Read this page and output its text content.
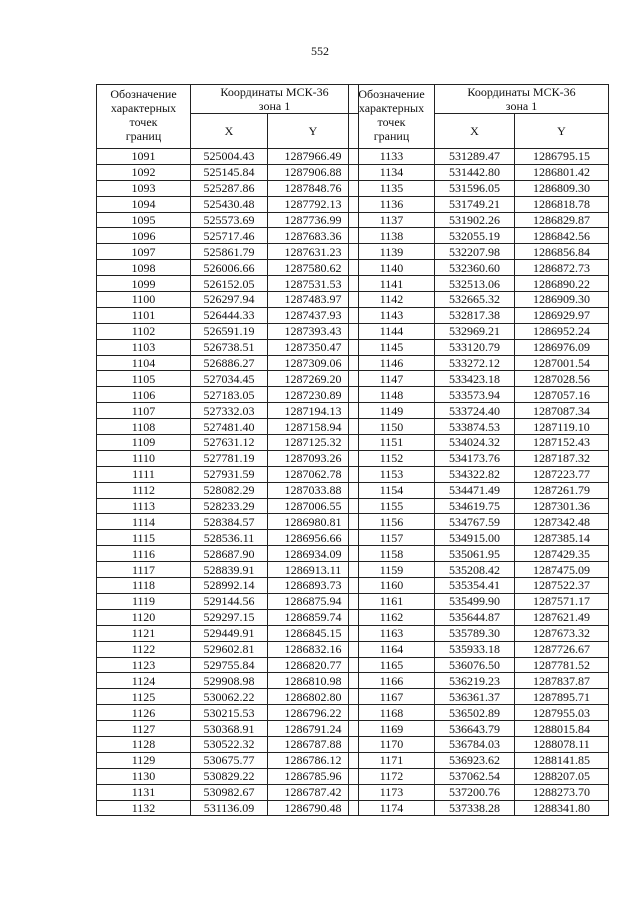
552
Обозначение
характерных
точек
границ	Координаты МСК-36
зона 1	
	X	Y
1091	525004.43	1287966.49
1092	525145.84	1287906.88
1093	525287.86	1287848.76
1094	525430.48	1287792.13
1095	525573.69	1287736.99
1096	525717.46	1287683.36
1097	525861.79	1287631.23
1098	526006.66	1287580.62
1099	526152.05	1287531.53
1100	526297.94	1287483.97
1101	526444.33	1287437.93
1102	526591.19	1287393.43
1103	526738.51	1287350.47
1104	526886.27	1287309.06
1105	527034.45	1287269.20
1106	527183.05	1287230.89
1107	527332.03	1287194.13
1108	527481.40	1287158.94
1109	527631.12	1287125.32
1110	527781.19	1287093.26
1111	527931.59	1287062.78
1112	528082.29	1287033.88
1113	528233.29	1287006.55
1114	528384.57	1286980.81
1115	528536.11	1286956.66
1116	528687.90	1286934.09
1117	528839.91	1286913.11
1118	528992.14	1286893.73
1119	529144.56	1286875.94
1120	529297.15	1286859.74
1121	529449.91	1286845.15
1122	529602.81	1286832.16
1123	529755.84	1286820.77
1124	529908.98	1286810.98
1125	530062.22	1286802.80
1126	530215.53	1286796.22
1127	530368.91	1286791.24
1128	530522.32	1286787.88
1129	530675.77	1286786.12
1130	530829.22	1286785.96
1131	530982.67	1286787.42
1132	531136.09	1286790.48
Обозначение
характерных
точек
границ	Координаты МСК-36
зона 1	
	X	Y
1133	531289.47	1286795.15
1134	531442.80	1286801.42
1135	531596.05	1286809.30
1136	531749.21	1286818.78
1137	531902.26	1286829.87
1138	532055.19	1286842.56
1139	532207.98	1286856.84
1140	532360.60	1286872.73
1141	532513.06	1286890.22
1142	532665.32	1286909.30
1143	532817.38	1286929.97
1144	532969.21	1286952.24
1145	533120.79	1286976.09
1146	533272.12	1287001.54
1147	533423.18	1287028.56
1148	533573.94	1287057.16
1149	533724.40	1287087.34
1150	533874.53	1287119.10
1151	534024.32	1287152.43
1152	534173.76	1287187.32
1153	534322.82	1287223.77
1154	534471.49	1287261.79
1155	534619.75	1287301.36
1156	534767.59	1287342.48
1157	534915.00	1287385.14
1158	535061.95	1287429.35
1159	535208.42	1287475.09
1160	535354.41	1287522.37
1161	535499.90	1287571.17
1162	535644.87	1287621.49
1163	535789.30	1287673.32
1164	535933.18	1287726.67
1165	536076.50	1287781.52
1166	536219.23	1287837.87
1167	536361.37	1287895.71
1168	536502.89	1287955.03
1169	536643.79	1288015.84
1170	536784.03	1288078.11
1171	536923.62	1288141.85
1172	537062.54	1288207.05
1173	537200.76	1288273.70
1174	537338.28	1288341.80
